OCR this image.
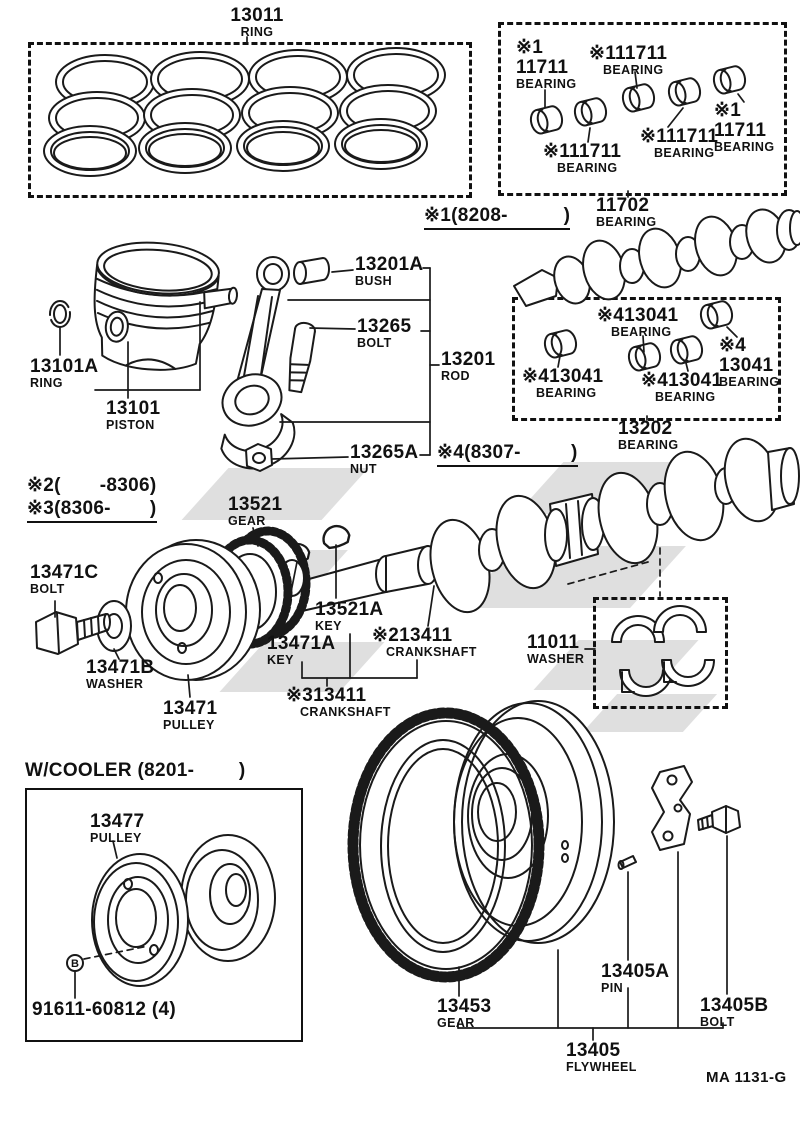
B
13011
RING
※1
11711
BEARING
※111711
BEARING
※111711
BEARING
※111711
BEARING
※1
11711
BEARING
11702
BEARING
※1(8208-          )
13101A
RING
13101
PISTON
13201A
BUSH
13265
BOLT
13201
ROD
13265A
NUT
※413041
BEARING
※4
13041
BEARING
※413041
BEARING
※413041
BEARING
13202
BEARING
※4(8307-         )
※2(       -8306)
※3(8306-       )	13521
GEAR
13471C
BOLT
13471B
WASHER
13471
PULLEY
13521A
KEY
13471A
KEY
※213411
CRANKSHAFT
※313411
CRANKSHAFT
11011
WASHER
W/COOLER (8201-        )
13477
PULLEY
91611-60812 (4)	13453
GEAR
13405A
PIN
13405B
BOLT
13405
FLYWHEEL
MA 1131-G
